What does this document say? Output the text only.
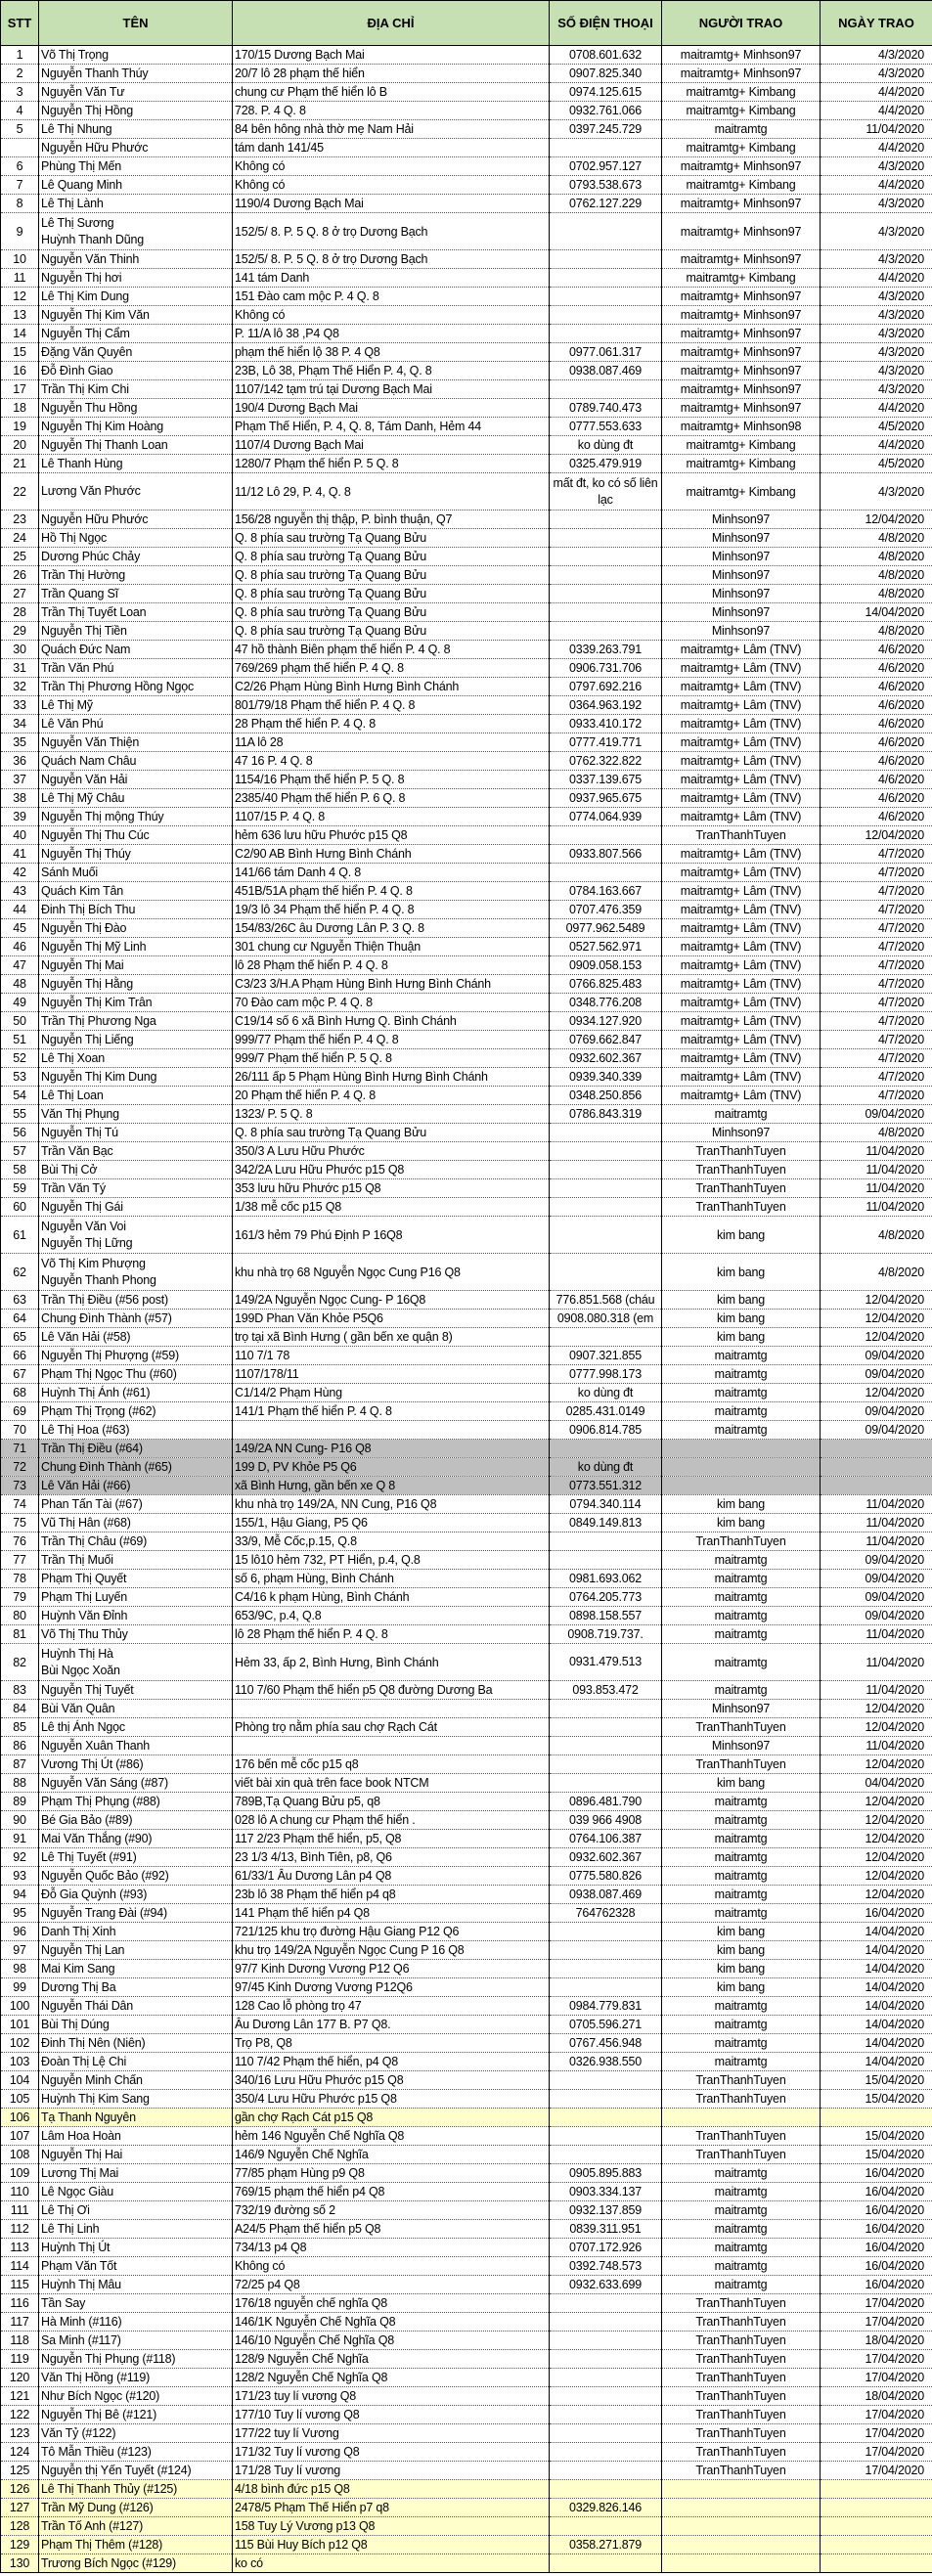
STT	TÊN	ĐỊA CHỈ	SỐ ĐIỆN THOẠI	NGƯỜI TRAO	NGÀY TRAO
1	Võ Thị Trọng	170/15 Dương Bạch Mai	0708.601.632	maitramtg+ Minhson97	4/3/2020
2	Nguyễn Thanh Thúy	20/7 lô 28 phạm thế hiển	0907.825.340	maitramtg+ Minhson97	4/3/2020
3	Nguyễn Văn Tư	chung cư Phạm thế hiển lô B	0974.125.615	maitramtg+ Kimbang	4/4/2020
4	Nguyễn Thị Hồng	728. P. 4 Q. 8	0932.761.066	maitramtg+ Kimbang	4/4/2020
5	Lê Thị Nhung	84 bên hông nhà thờ mẹ Nam Hải	0397.245.729	maitramtg	11/04/2020
	Nguyễn Hữu Phước	tám danh 141/45		maitramtg+ Kimbang	4/4/2020
6	Phùng Thị Mến	Không có	0702.957.127	maitramtg+ Minhson97	4/3/2020
7	Lê Quang Minh	Không có	0793.538.673	maitramtg+ Kimbang	4/4/2020
8	Lê Thị Lành	1190/4 Dương Bạch Mai	0762.127.229	maitramtg+ Minhson97	4/3/2020
9	Lê Thị Sương
Huỳnh Thanh Dũng	152/5/ 8. P. 5 Q. 8 ở trọ Dương Bạch		maitramtg+ Minhson97	4/3/2020
10	Nguyễn Văn Thinh	152/5/ 8. P. 5 Q. 8 ở trọ Dương Bạch		maitramtg+ Minhson97	4/3/2020
11	Nguyễn Thị hơi	141 tám Danh		maitramtg+ Kimbang	4/4/2020
12	Lê Thị Kim Dung	151 Đào cam mộc P. 4 Q. 8		maitramtg+ Minhson97	4/3/2020
13	Nguyễn Thị Kim Văn	Không có		maitramtg+ Minhson97	4/3/2020
14	Nguyễn Thị Cẩm	P. 11/A lô 38 ,P4 Q8		maitramtg+ Minhson97	4/3/2020
15	Đặng Văn Quyên	phạm thế hiển lộ 38 P. 4 Q8	0977.061.317	maitramtg+ Minhson97	4/3/2020
16	Đỗ Đình Giao	23B, Lô 38, Phạm Thế Hiển P. 4, Q. 8	0938.087.469	maitramtg+ Minhson97	4/3/2020
17	Trần Thị Kim Chi	1107/142 tạm trú tại Dương Bạch Mai		maitramtg+ Minhson97	4/3/2020
18	Nguyễn Thu Hồng	190/4 Dương Bạch Mai	0789.740.473	maitramtg+ Minhson97	4/4/2020
19	Nguyễn Thị Kim Hoàng	Phạm Thế Hiển, P. 4, Q. 8, Tám Danh, Hẻm 44	0777.553.633	maitramtg+ Minhson98	4/5/2020
20	Nguyễn Thị Thanh Loan	1107/4 Dương Bạch Mai	ko dùng đt	maitramtg+ Kimbang	4/4/2020
21	Lê Thanh Hùng	1280/7 Phạm thế hiển P. 5 Q. 8	0325.479.919	maitramtg+ Kimbang	4/5/2020
22	Lương Văn Phước	11/12 Lô 29, P. 4, Q. 8	mất đt, ko có số liên lạc	maitramtg+ Kimbang	4/3/2020
23	Nguyễn Hữu Phước	156/28 nguyễn thị thập, P. bình thuận, Q7		Minhson97	12/04/2020
24	Hồ Thị Ngọc	Q. 8 phía sau trường Tạ Quang Bửu		Minhson97	4/8/2020
25	Dương Phúc Chảy	Q. 8 phía sau trường Tạ Quang Bửu		Minhson97	4/8/2020
26	Trần Thị Hường	Q. 8 phía sau trường Tạ Quang Bửu		Minhson97	4/8/2020
27	Trần Quang Sĩ	Q. 8 phía sau trường Tạ Quang Bửu		Minhson97	4/8/2020
28	Trần Thị Tuyết Loan	Q. 8 phía sau trường Tạ Quang Bửu		Minhson97	14/04/2020
29	Nguyễn Thị Tiền	Q. 8 phía sau trường Tạ Quang Bửu		Minhson97	4/8/2020
30	Quách Đức Nam	47 hồ thành Biên phạm thế hiển P. 4 Q. 8	0339.263.791	maitramtg+ Lâm (TNV)	4/6/2020
31	Trần Văn Phú	769/269 phạm thế hiển P. 4 Q. 8	0906.731.706	maitramtg+ Lâm (TNV)	4/6/2020
32	Trần Thị Phương Hồng Ngọc	C2/26 Phạm Hùng Bình Hưng Bình Chánh	0797.692.216	maitramtg+ Lâm (TNV)	4/6/2020
33	Lê Thị Mỹ	801/79/18 Phạm thế hiển P. 4 Q. 8	0364.963.192	maitramtg+ Lâm (TNV)	4/6/2020
34	Lê Văn Phú	28 Phạm thế hiển P. 4 Q. 8	0933.410.172	maitramtg+ Lâm (TNV)	4/6/2020
35	Nguyễn Văn Thiện	11A lô 28	0777.419.771	maitramtg+ Lâm (TNV)	4/6/2020
36	Quách Nam Châu	47 16 P. 4 Q. 8	0762.322.822	maitramtg+ Lâm (TNV)	4/6/2020
37	Nguyễn Văn Hải	1154/16 Phạm thế hiển P. 5 Q. 8	0337.139.675	maitramtg+ Lâm (TNV)	4/6/2020
38	Lê Thị Mỹ Châu	2385/40 Phạm thế hiển P. 6 Q. 8	0937.965.675	maitramtg+ Lâm (TNV)	4/6/2020
39	Nguyễn Thị mộng Thúy	1107/15 P. 4 Q. 8	0774.064.939	maitramtg+ Lâm (TNV)	4/6/2020
40	Nguyễn Thị Thu Cúc	hẻm 636 lưu hữu Phước p15 Q8		TranThanhTuyen	12/04/2020
41	Nguyễn Thị Thúy	C2/90 AB Bình Hưng Bình Chánh	0933.807.566	maitramtg+ Lâm (TNV)	4/7/2020
42	Sánh Muối	141/66 tám Danh 4 Q. 8		maitramtg+ Lâm (TNV)	4/7/2020
43	Quách Kim Tân	451B/51A phạm thế hiển P. 4 Q. 8	0784.163.667	maitramtg+ Lâm (TNV)	4/7/2020
44	Đinh Thị Bích Thu	19/3 lô 34 Phạm thế hiển P. 4 Q. 8	0707.476.359	maitramtg+ Lâm (TNV)	4/7/2020
45	Nguyễn Thị Đào	154/83/26C âu Dương Lân P. 3 Q. 8	0977.962.5489	maitramtg+ Lâm (TNV)	4/7/2020
46	Nguyễn Thị Mỹ Linh	301 chung cư Nguyễn Thiện Thuận	0527.562.971	maitramtg+ Lâm (TNV)	4/7/2020
47	Nguyễn Thị Mai	lô 28 Phạm thế hiển P. 4 Q. 8	0909.058.153	maitramtg+ Lâm (TNV)	4/7/2020
48	Nguyễn Thị Hằng	C3/23 3/H.A Phạm Hùng Bình Hưng Bình Chánh	0766.825.483	maitramtg+ Lâm (TNV)	4/7/2020
49	Nguyễn Thị Kim Trân	70 Đào cam mộc P. 4 Q. 8	0348.776.208	maitramtg+ Lâm (TNV)	4/7/2020
50	Trần Thị Phương Nga	C19/14 số 6 xã Bình Hưng Q. Bình Chánh	0934.127.920	maitramtg+ Lâm (TNV)	4/7/2020
51	Nguyễn Thị Liếng	999/77 Phạm thế hiển P. 4 Q. 8	0769.662.847	maitramtg+ Lâm (TNV)	4/7/2020
52	Lê Thị Xoan	999/7 Phạm thế hiển P. 5 Q. 8	0932.602.367	maitramtg+ Lâm (TNV)	4/7/2020
53	Nguyễn Thị Kim Dung	26/111 ấp 5 Phạm Hùng Bình Hưng Bình Chánh	0939.340.339	maitramtg+ Lâm (TNV)	4/7/2020
54	Lê Thị Loan	20 Phạm thế hiển P. 4 Q. 8	0348.250.856	maitramtg+ Lâm (TNV)	4/7/2020
55	Văn Thị Phụng	1323/ P. 5 Q. 8	0786.843.319	maitramtg	09/04/2020
56	Nguyễn Thị Tú	Q. 8 phía sau trường Tạ Quang Bửu		Minhson97	4/8/2020
57	Trần Văn Bạc	350/3 A Lưu Hữu Phước		TranThanhTuyen	11/04/2020
58	Bùi Thị Cở	342/2A Lưu Hữu Phước p15 Q8		TranThanhTuyen	11/04/2020
59	Trần Văn Tý	353 lưu hữu Phước p15 Q8		TranThanhTuyen	11/04/2020
60	Nguyễn Thị Gái	1/38 mễ cốc p15 Q8		TranThanhTuyen	11/04/2020
61	Nguyễn Văn Voi
Nguyễn Thị Lững	161/3 hẻm 79 Phú Định P 16Q8		kim bang	4/8/2020
62	Võ Thị Kim Phượng
Nguyễn Thanh Phong	khu nhà trọ 68 Nguyễn Ngọc Cung P16 Q8		kim bang	4/8/2020
63	Trần Thị Điều (#56 post)	149/2A Nguyễn Ngọc Cung- P 16Q8	776.851.568 (cháu	kim bang	12/04/2020
64	Chung Đình Thành (#57)	199D Phan Văn Khỏe P5Q6	0908.080.318 (em	kim bang	12/04/2020
65	Lê Văn Hải (#58)	trọ tại xã Bình Hưng ( gần bến xe quận 8)		kim bang	12/04/2020
66	Nguyễn Thị Phượng (#59)	110 7/1 78	0907.321.855	maitramtg	09/04/2020
67	Phạm Thị Ngọc Thu (#60)	1107/178/11	0777.998.173	maitramtg	09/04/2020
68	Huỳnh Thị Ánh (#61)	C1/14/2 Phạm Hùng	ko dùng đt	maitramtg	12/04/2020
69	Phạm Thị Trọng (#62)	141/1 Phạm thế hiển P. 4 Q. 8	0285.431.0149	maitramtg	09/04/2020
70	Lê Thị Hoa (#63)		0906.814.785	maitramtg	09/04/2020
71	Trần Thị Điều (#64)	149/2A NN Cung- P16 Q8			
72	Chung Đình Thành (#65)	199 D, PV Khỏe P5 Q6	ko dùng đt		
73	Lê Văn Hải (#66)	xã Bình Hưng, gần bến xe Q 8	0773.551.312		
74	Phan Tấn Tài (#67)	khu nhà trọ 149/2A, NN Cung, P16 Q8	0794.340.114	kim bang	11/04/2020
75	Vũ Thị Hân (#68)	155/1, Hậu Giang, P5 Q6	0849.149.813	kim bang	11/04/2020
76	Trần Thị Châu (#69)	33/9, Mễ Cốc,p.15, Q.8		TranThanhTuyen	11/04/2020
77	Trần Thị Muối	15 lô10 hẻm 732, PT Hiển, p.4, Q.8		maitramtg	09/04/2020
78	Phạm Thị Quyết	số 6, phạm Hùng, Bình Chánh	0981.693.062	maitramtg	09/04/2020
79	Phạm Thị Luyến	C4/16 k phạm Hùng, Bình Chánh	0764.205.773	maitramtg	09/04/2020
80	Huỳnh Văn Đỉnh	653/9C, p.4, Q.8	0898.158.557	maitramtg	09/04/2020
81	Võ Thị Thu Thủy	lô 28 Phạm thế hiển P. 4 Q. 8	0908.719.737.	maitramtg	11/04/2020
82	Huỳnh Thị Hà
Bùi Ngọc Xoăn	Hẻm 33, ấp 2, Bình Hưng, Bình Chánh	0931.479.513	maitramtg	11/04/2020
83	Nguyễn Thị Tuyết	110 7/60 Phạm thế hiển p5 Q8 đường Dương Ba	093.853.472	maitramtg	11/04/2020
84	Bùi Văn Quân			Minhson97	12/04/2020
85	Lê thị Ánh Ngọc	Phòng trọ nằm phía sau chợ Rạch Cát		TranThanhTuyen	12/04/2020
86	Nguyễn Xuân Thanh			Minhson97	11/04/2020
87	Vương Thị Út (#86)	176 bến mễ cốc p15 q8		TranThanhTuyen	12/04/2020
88	Nguyễn Văn Sáng (#87)	viết bài xin quà trên face book NTCM		kim bang	04/04/2020
89	Phạm Thị Phụng (#88)	789B,Tạ Quang Bửu p5, q8	0896.481.790	maitramtg	12/04/2020
90	Bé Gia Bảo (#89)	028 lô A chung cư Phạm thế hiển .	039 966 4908	maitramtg	12/04/2020
91	Mai Văn Thắng (#90)	117 2/23 Phạm thế hiển, p5, Q8	0764.106.387	maitramtg	12/04/2020
92	Lê Thị Tuyết (#91)	23 1/3 4/13, Bình Tiên, p8, Q6	0932.602.367	maitramtg	12/04/2020
93	Nguyễn Quốc Bảo (#92)	61/33/1 Âu Dương Lân p4 Q8	0775.580.826	maitramtg	12/04/2020
94	Đỗ Gia Quỳnh (#93)	23b lô 38 Phạm thế hiển p4 q8	0938.087.469	maitramtg	12/04/2020
95	Nguyễn Trang Đài (#94)	141 Phạm thế hiển p4 Q8	764762328	maitramtg	16/04/2020
96	Danh Thị Xinh	721/125 khu trọ đường Hậu Giang P12 Q6		kim bang	14/04/2020
97	Nguyễn Thị Lan	khu trọ 149/2A Nguyễn Ngọc Cung P 16 Q8		kim bang	14/04/2020
98	Mai Kim Sang	97/7 Kinh Dương Vương P12 Q6		kim bang	14/04/2020
99	Dương Thị Ba	97/45 Kinh Dương Vương P12Q6		kim bang	14/04/2020
100	Nguyễn Thái Dân	128 Cao lỗ phòng trọ 47	0984.779.831	maitramtg	14/04/2020
101	Bùi Thị Dúng	Âu Dương Lân 177 B. P7 Q8.	0705.596.271	maitramtg	14/04/2020
102	Đinh Thị Nên (Niên)	Trọ P8, Q8	0767.456.948	maitramtg	14/04/2020
103	Đoàn Thị Lệ Chi	110 7/42 Phạm thế hiển, p4 Q8	0326.938.550	maitramtg	14/04/2020
104	Nguyễn Minh Chấn	340/16 Lưu Hữu Phước p15 Q8		TranThanhTuyen	15/04/2020
105	Huỳnh Thị Kim Sang	350/4 Lưu Hữu Phước p15 Q8		TranThanhTuyen	15/04/2020
106	Tạ Thanh Nguyên	gần chợ Rạch Cát p15 Q8			
107	Lâm Hoa Hoàn	hẻm 146 Nguyễn Chế Nghĩa Q8		TranThanhTuyen	15/04/2020
108	Nguyễn Thị Hai	146/9 Nguyễn Chế Nghĩa		TranThanhTuyen	15/04/2020
109	Lương Thị Mai	77/85 phạm Hùng p9 Q8	0905.895.883	maitramtg	16/04/2020
110	Lê Ngọc Giàu	769/15 phạm thế hiển p4 Q8	0903.334.137	maitramtg	16/04/2020
111	Lê Thị Ơi	732/19 đường số 2	0932.137.859	maitramtg	16/04/2020
112	Lê Thị Linh	A24/5 Phạm thế hiển p5 Q8	0839.311.951	maitramtg	16/04/2020
113	Huỳnh Thị Út	734/13 p4 Q8	0707.172.926	maitramtg	16/04/2020
114	Phạm Văn Tốt	Không có	0392.748.573	maitramtg	16/04/2020
115	Huỳnh Thị Mâu	72/25 p4 Q8	0932.633.699	maitramtg	16/04/2020
116	Tần Say	176/18 nguyễn chế nghĩa Q8		TranThanhTuyen	17/04/2020
117	Hà Minh (#116)	146/1K Nguyễn Chế Nghĩa Q8		TranThanhTuyen	17/04/2020
118	Sa Minh (#117)	146/10 Nguyễn Chế Nghĩa Q8		TranThanhTuyen	18/04/2020
119	Nguyễn Thị Phụng (#118)	128/9 Nguyễn Chế Nghĩa		TranThanhTuyen	17/04/2020
120	Văn Thị Hồng (#119)	128/2 Nguyễn Chế Nghĩa Q8		TranThanhTuyen	17/04/2020
121	Như Bích Ngọc (#120)	171/23 tuy lí vương Q8		TranThanhTuyen	18/04/2020
122	Nguyễn Thị Bê (#121)	177/10 Tuy lí vương Q8		TranThanhTuyen	17/04/2020
123	Văn Tỷ (#122)	177/22 tuy lí Vương		TranThanhTuyen	17/04/2020
124	Tô Mẫn Thiều (#123)	171/32 Tuy lí vương Q8		TranThanhTuyen	17/04/2020
125	Nguyễn thị Yến Tuyết (#124)	171/28 Tuy lí vương		TranThanhTuyen	17/04/2020
126	Lê Thị Thanh Thủy (#125)	4/18 bình đức p15 Q8			
127	Trần Mỹ Dung (#126)	2478/5 Phạm Thế Hiển p7 q8	0329.826.146		
128	Trần Tố Anh (#127)	158 Tuy Lý Vương p13 Q8			
129	Phạm Thị Thêm (#128)	115 Bùi Huy Bích p12 Q8	0358.271.879		
130	Trương Bích Ngọc (#129)	ko có			
